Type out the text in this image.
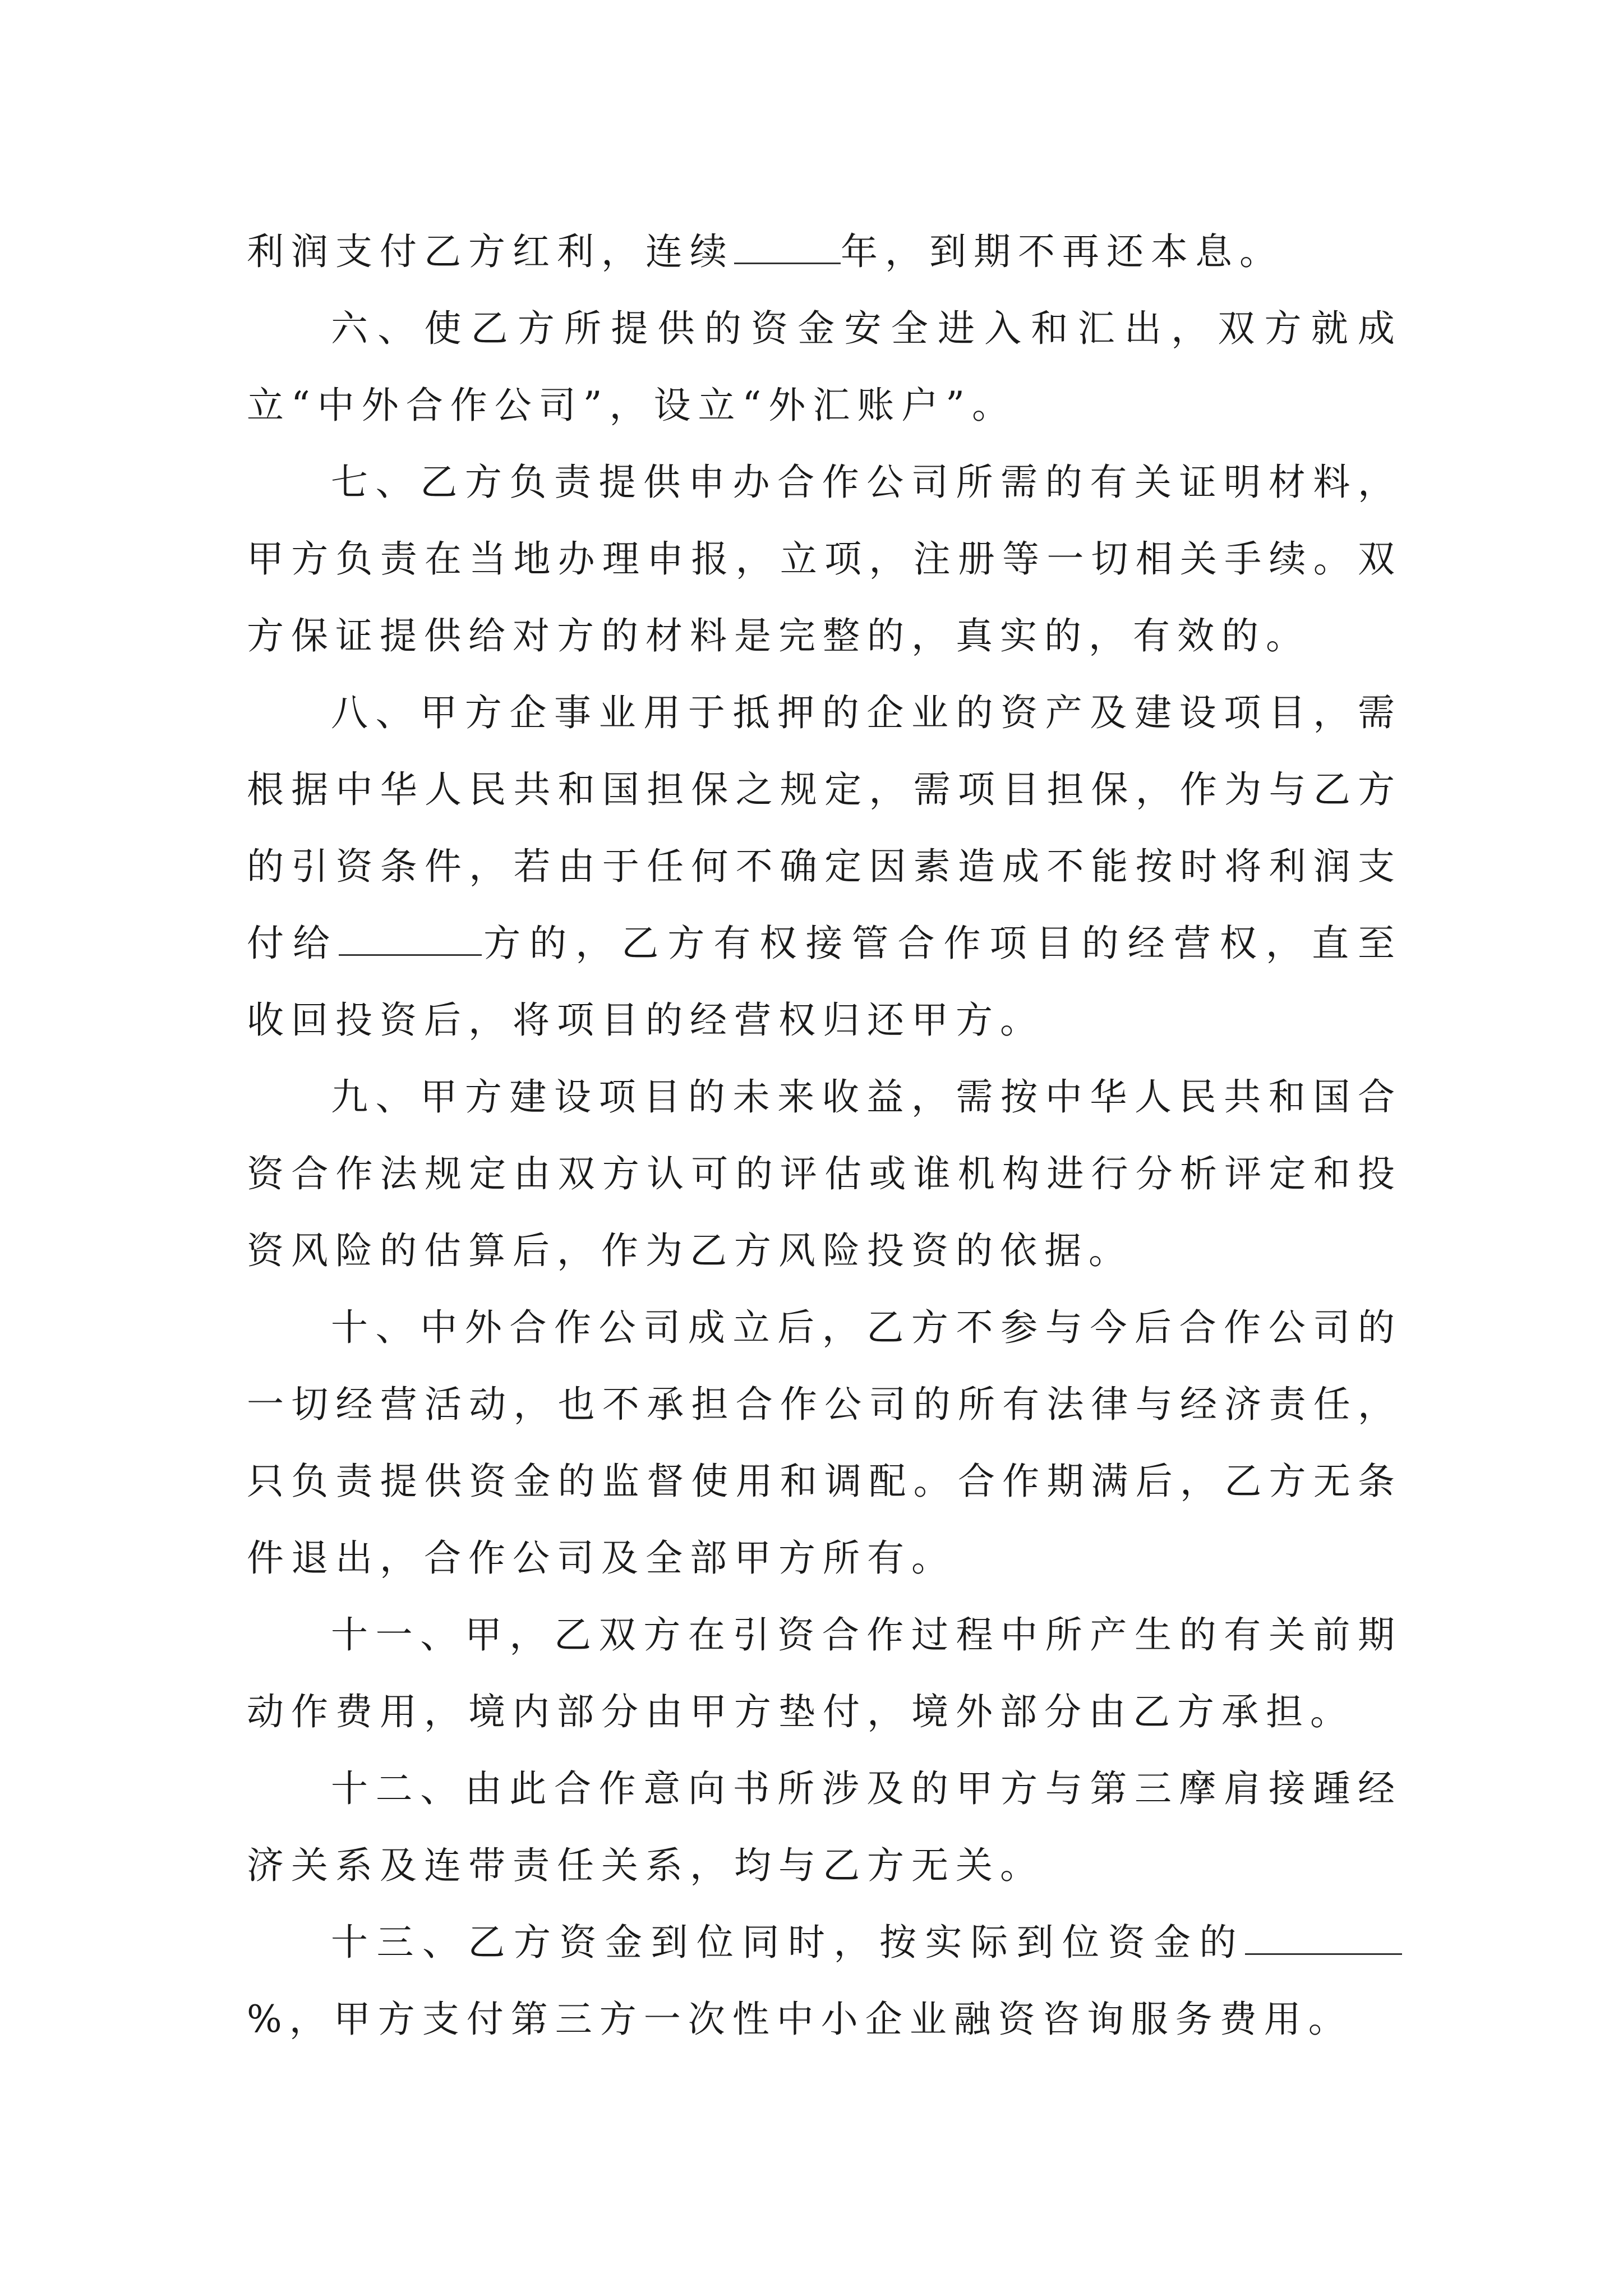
利润支付乙方红利，连续	年，到期不再还本息。

六、使乙方所提供的资金安全进入和汇出，双方就成立“中外合作公司”，设立“外汇账户”。

七、乙方负责提供申办合作公司所需的有关证明材料，甲方负责在当地办理申报，立项，注册等一切相关手续。双方保证提供给对方的材料是完整的，真实的，有效的。

八、甲方企事业用于抵押的企业的资产及建设项目，需根据中华人民共和国担保之规定，需项目担保，作为与乙方的引资条件，若由于任何不确定因素造成不能按时将利润支付给	方的，乙方有权接管合作项目的经营权，直至收回投资后，将项目的经营权归还甲方。

九、甲方建设项目的未来收益，需按中华人民共和国合资合作法规定由双方认可的评估或谁机构进行分析评定和投资风险的估算后，作为乙方风险投资的依据。

十、中外合作公司成立后，乙方不参与今后合作公司的一切经营活动，也不承担合作公司的所有法律与经济责任，只负责提供资金的监督使用和调配。合作期满后，乙方无条件退出，合作公司及全部甲方所有。

十一、甲，乙双方在引资合作过程中所产生的有关前期动作费用，境内部分由甲方垫付，境外部分由乙方承担。

十二、由此合作意向书所涉及的甲方与第三摩肩接踵经济关系及连带责任关系，均与乙方无关。

十三、乙方资金到位同时，按实际到位资金的%，甲方支付第三方一次性中小企业融资咨询服务费用。
